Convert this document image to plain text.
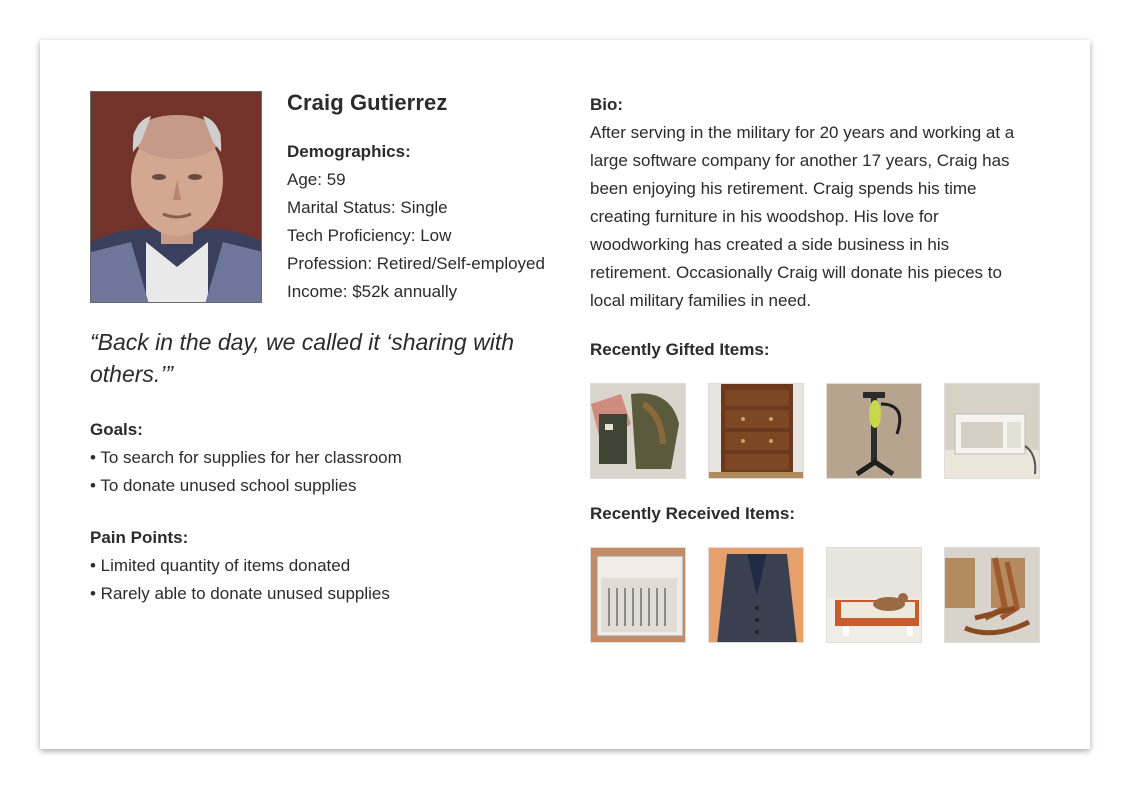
Craig Gutierrez
Demographics:
Age: 59
Marital Status: Single
Tech Proficiency: Low
Profession: Retired/Self-employed
Income: $52k annually
“Back in the day, we called it ‘sharing with others.’”
Goals:
• To search for supplies for her classroom
• To donate unused school supplies
Pain Points:
• Limited quantity of items donated
• Rarely able to donate unused supplies
Bio:
After serving in the military for 20 years and working at a
large software company for another 17 years, Craig has
been enjoying his retirement. Craig spends his time
creating furniture in his woodshop. His love for
woodworking has created a side business in his
retirement. Occasionally Craig will donate his pieces to
local military families in need.
Recently Gifted Items:
Recently Received Items:
